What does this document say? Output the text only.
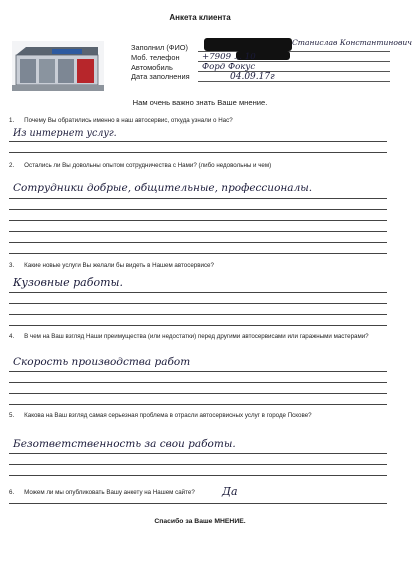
Анкета клиента
Заполнил (ФИО)
Моб. телефон
Автомобиль
Дата заполнения
Станислав Константинович
+7909 ... 10
Форд Фокус
04.09.17г
Нам очень важно знать Ваше мнение.
1. Почему Вы обратились именно в наш автосервис, откуда узнали о Нас?
Из интернет услуг.
2. Остались ли Вы довольны опытом сотрудничества с Нами? (либо недовольны и чем)
Сотрудники добрые, общительные, профессионалы.
3. Какие новые услуги Вы желали бы видеть в Нашем автосервисе?
Кузовные работы.
4. В чем на Ваш взгляд Наши преимущества (или недостатки) перед другими автосервисами или гаражными мастерами?
Скорость производства работ
5. Какова на Ваш взгляд самая серьезная проблема в отрасли автосервисных услуг в городе Пскове?
Безответственность за свои работы.
6. Можем ли мы опубликовать Вашу анкету на Нашем сайте?	Да
Спасибо за Ваше МНЕНИЕ.
